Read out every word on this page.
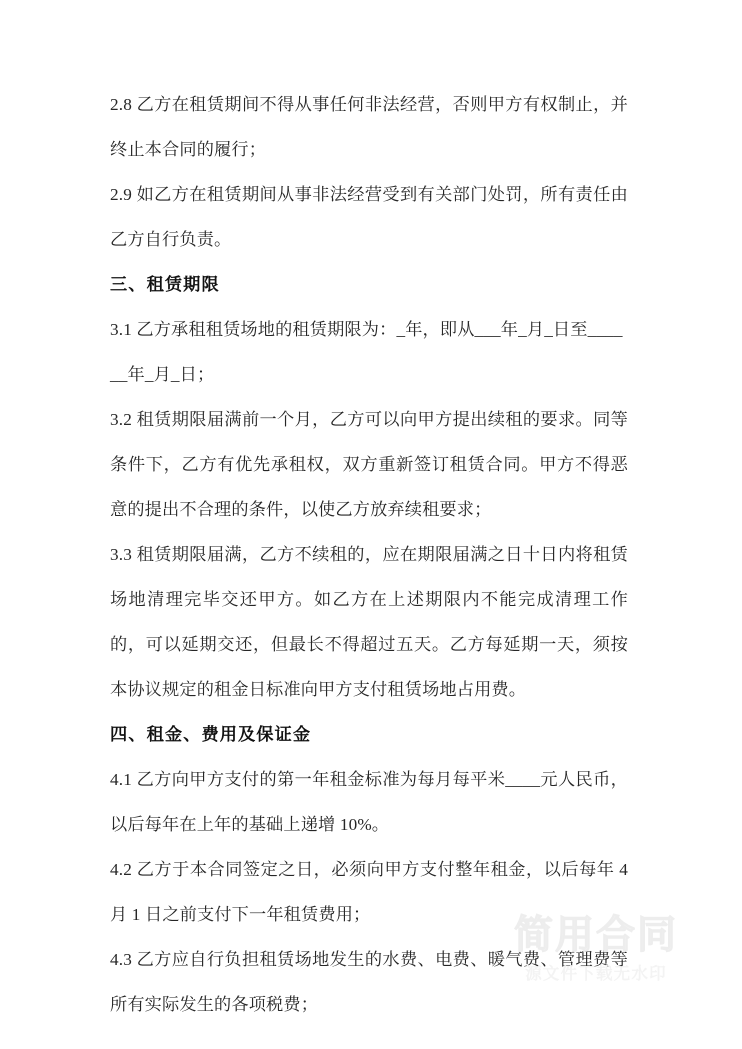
2.8 乙方在租赁期间不得从事任何非法经营，否则甲方有权制止，并终止本合同的履行；

2.9 如乙方在租赁期间从事非法经营受到有关部门处罚，所有责任由乙方自行负责。

三、租赁期限

3.1 乙方承租租赁场地的租赁期限为：_年，即从___年_月_日至______年_月_日；

3.2 租赁期限届满前一个月，乙方可以向甲方提出续租的要求。同等条件下，乙方有优先承租权，双方重新签订租赁合同。甲方不得恶意的提出不合理的条件，以使乙方放弃续租要求；

3.3 租赁期限届满，乙方不续租的，应在期限届满之日十日内将租赁场地清理完毕交还甲方。如乙方在上述期限内不能完成清理工作的，可以延期交还，但最长不得超过五天。乙方每延期一天，须按本协议规定的租金日标准向甲方支付租赁场地占用费。

四、租金、费用及保证金

4.1 乙方向甲方支付的第一年租金标准为每月每平米____元人民币，以后每年在上年的基础上递增 10%。

4.2 乙方于本合同签定之日，必须向甲方支付整年租金，以后每年 4 月 1 日之前支付下一年租赁费用；

4.3 乙方应自行负担租赁场地发生的水费、电费、暖气费、管理费等所有实际发生的各项税费；

简用合同
源文件下载无水印
